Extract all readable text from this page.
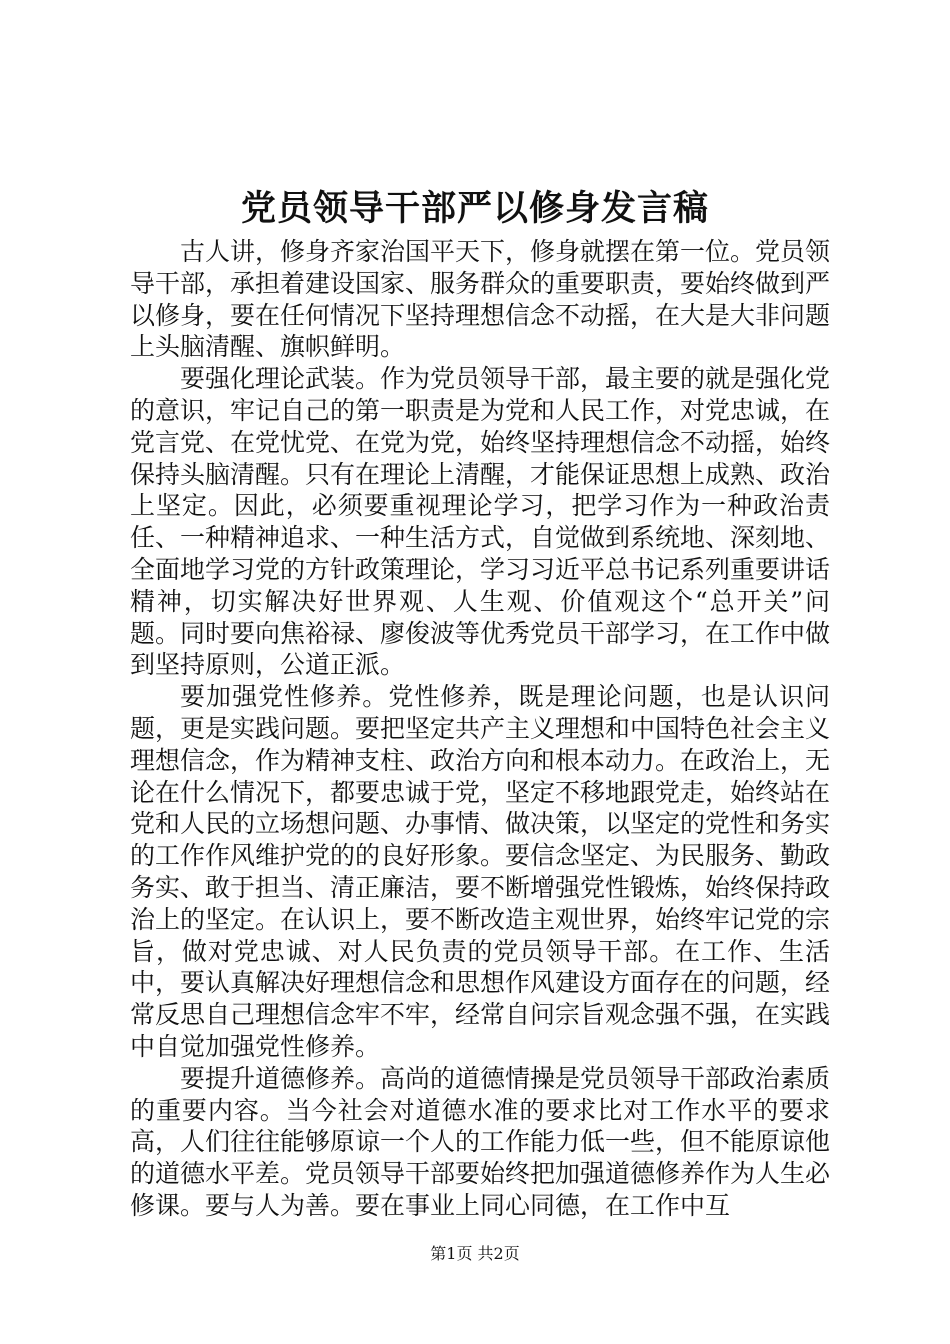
党员领导干部严以修身发言稿

古人讲，修身齐家治国平天下，修身就摆在第一位。党员领导干部，承担着建设国家、服务群众的重要职责，要始终做到严以修身，要在任何情况下坚持理想信念不动摇，在大是大非问题上头脑清醒、旗帜鲜明。

要强化理论武装。作为党员领导干部，最主要的就是强化党的意识，牢记自己的第一职责是为党和人民工作，对党忠诚，在党言党、在党忧党、在党为党，始终坚持理想信念不动摇，始终保持头脑清醒。只有在理论上清醒，才能保证思想上成熟、政治上坚定。因此，必须要重视理论学习，把学习作为一种政治责任、一种精神追求、一种生活方式，自觉做到系统地、深刻地、全面地学习党的方针政策理论，学习习近平总书记系列重要讲话精神，切实解决好世界观、人生观、价值观这个“总开关”问题。同时要向焦裕禄、廖俊波等优秀党员干部学习，在工作中做到坚持原则，公道正派。

要加强党性修养。党性修养，既是理论问题，也是认识问题，更是实践问题。要把坚定共产主义理想和中国特色社会主义理想信念，作为精神支柱、政治方向和根本动力。在政治上，无论在什么情况下，都要忠诚于党，坚定不移地跟党走，始终站在党和人民的立场想问题、办事情、做决策，以坚定的党性和务实的工作作风维护党的的良好形象。要信念坚定、为民服务、勤政务实、敢于担当、清正廉洁，要不断增强党性锻炼，始终保持政治上的坚定。在认识上，要不断改造主观世界，始终牢记党的宗旨，做对党忠诚、对人民负责的党员领导干部。在工作、生活中，要认真解决好理想信念和思想作风建设方面存在的问题，经常反思自己理想信念牢不牢，经常自问宗旨观念强不强，在实践中自觉加强党性修养。

要提升道德修养。高尚的道德情操是党员领导干部政治素质的重要内容。当今社会对道德水准的要求比对工作水平的要求高，人们往往能够原谅一个人的工作能力低一些，但不能原谅他的道德水平差。党员领导干部要始终把加强道德修养作为人生必修课。要与人为善。要在事业上同心同德，在工作中互

第1页 共2页
